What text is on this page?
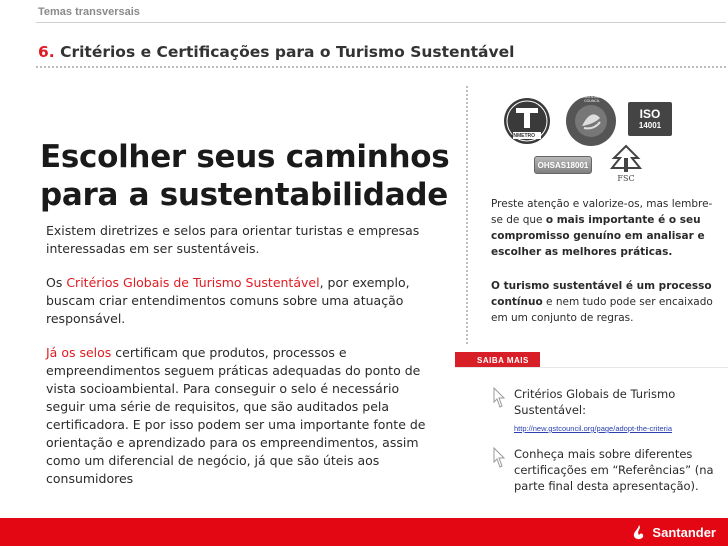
Temas transversais
6. Critérios e Certificações para o Turismo Sustentável
Escolher seus caminhos
para a sustentabilidade
Existem diretrizes e selos para orientar turistas e empresas interessadas em ser sustentáveis.
Os Critérios Globais de Turismo Sustentável, por exemplo, buscam criar entendimentos comuns sobre uma atuação responsável.
Já os selos certificam que produtos, processos e empreendimentos seguem práticas adequadas do ponto de vista socioambiental. Para conseguir o selo é necessário seguir uma série de requisitos, que são auditados pela certificadora. E por isso podem ser uma importante fonte de orientação e aprendizado para os empreendimentos, assim como um diferencial de negócio, já que são úteis aos consumidores
INMETRO
U.S. GREEN BUILDING COUNCIL
ISO
14001
OHSAS18001
FSC
Preste atenção e valorize-os, mas lembre-se de que o mais importante é o seu compromisso genuíno em analisar e escolher as melhores práticas.
O turismo sustentável é um processo contínuo e nem tudo pode ser encaixado em um conjunto de regras.
SAIBA MAIS
Critérios Globais de Turismo Sustentável:
http://new.gstcouncil.org/page/adopt-the-criteria
Conheça mais sobre diferentes certificações em “Referências” (na parte final desta apresentação).
Santander
